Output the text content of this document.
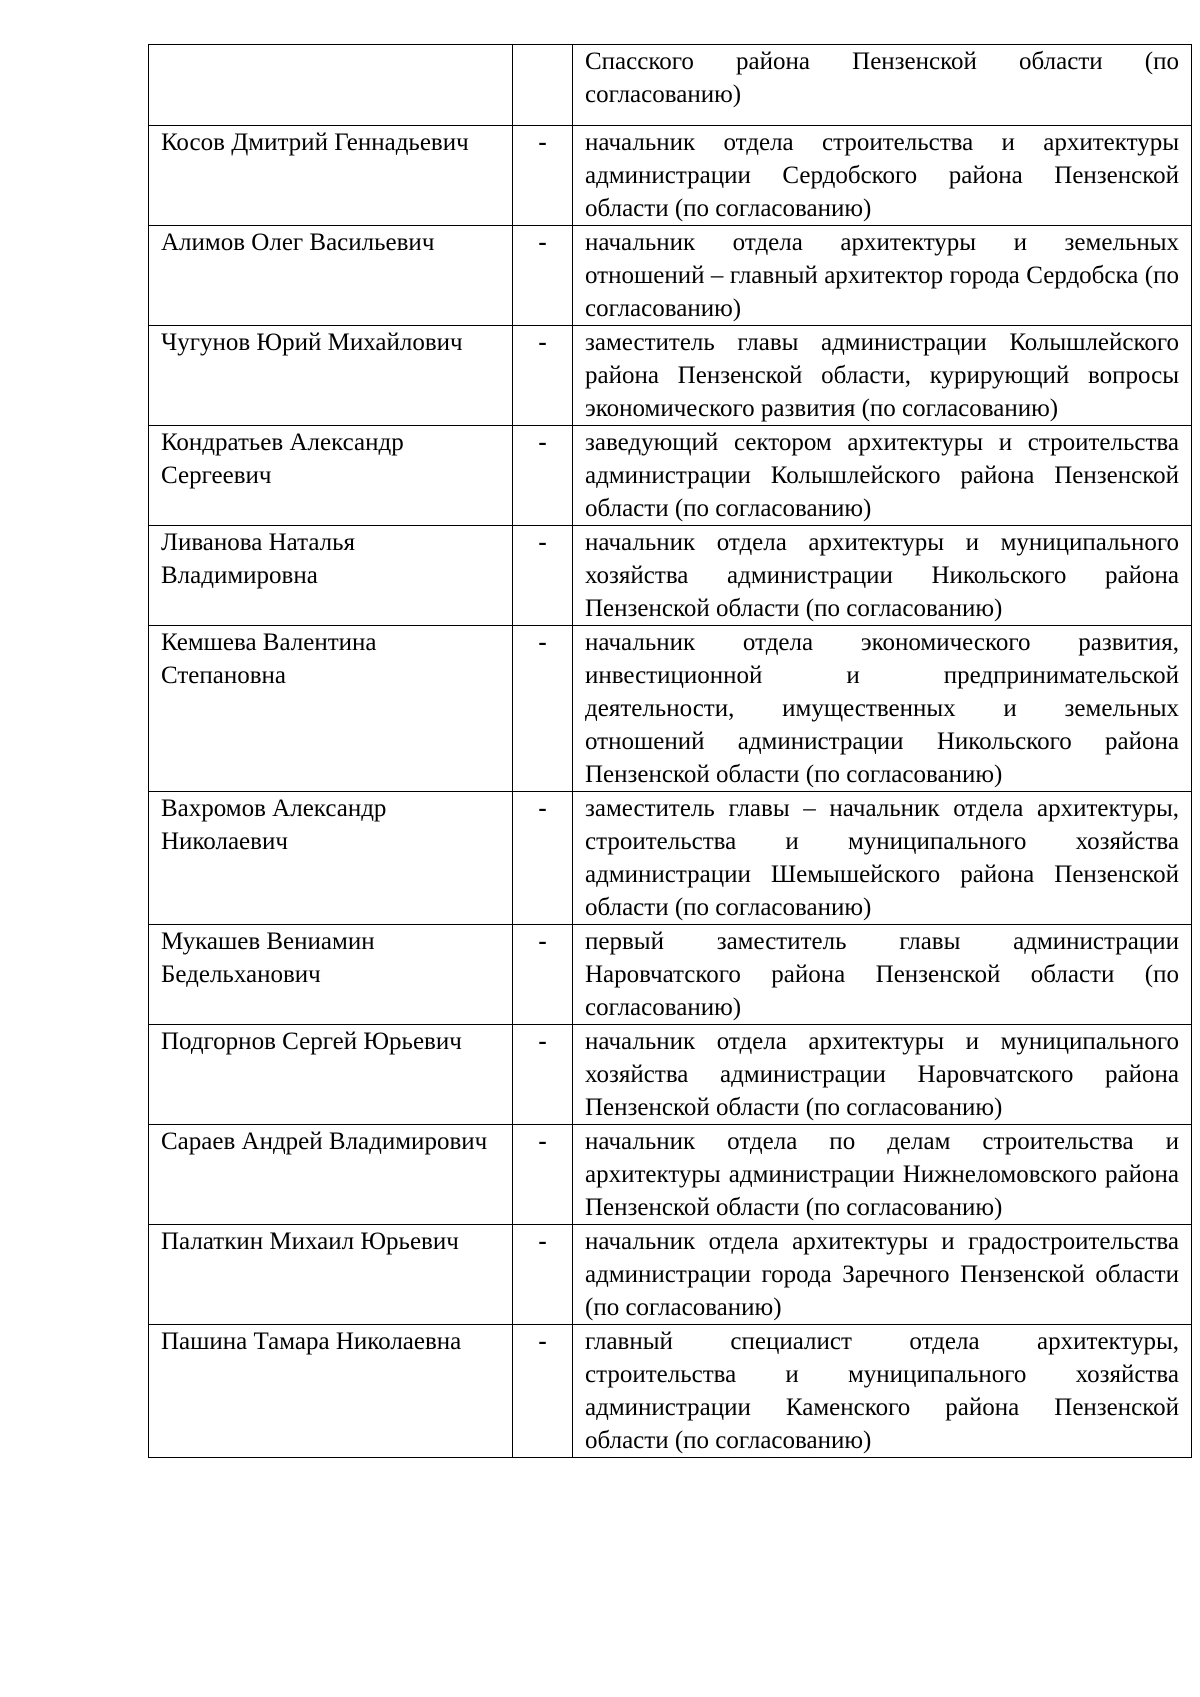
		Спасского района Пензенской области (по согласованию)
Косов Дмитрий Геннадьевич	-	начальник отдела строительства и архитектуры администрации Сердобского района Пензенской области (по согласованию)
Алимов Олег Васильевич	-	начальник отдела архитектуры и земельных отношений – главный архитектор города Сердобска (по согласованию)
Чугунов Юрий Михайлович	-	заместитель главы администрации Колышлейского района Пензенской области, курирующий вопросы экономического развития (по согласованию)
Кондратьев Александр Сергеевич	-	заведующий сектором архитектуры и строительства администрации Колышлейского района Пензенской области (по согласованию)
Ливанова Наталья Владимировна	-	начальник отдела архитектуры и муниципального хозяйства администрации Никольского района Пензенской области (по согласованию)
Кемшева Валентина Степановна	-	начальник отдела экономического развития, инвестиционной и предпринимательской деятельности, имущественных и земельных отношений администрации Никольского района Пензенской области (по согласованию)
Вахромов Александр Николаевич	-	заместитель главы – начальник отдела архитектуры, строительства и муниципального хозяйства администрации Шемышейского района Пензенской области (по согласованию)
Мукашев Вениамин Бедельханович	-	первый заместитель главы администрации Наровчатского района Пензенской области (по согласованию)
Подгорнов Сергей Юрьевич	-	начальник отдела архитектуры и муниципального хозяйства администрации Наровчатского района Пензенской области (по согласованию)
Сараев Андрей Владимирович	-	начальник отдела по делам строительства и архитектуры администрации Нижнеломовского района Пензенской области (по согласованию)
Палаткин Михаил Юрьевич	-	начальник отдела архитектуры и градостроительства администрации города Заречного Пензенской области (по согласованию)
Пашина Тамара Николаевна	-	главный специалист отдела архитектуры, строительства и муниципального хозяйства администрации Каменского района Пензенской области (по согласованию)
